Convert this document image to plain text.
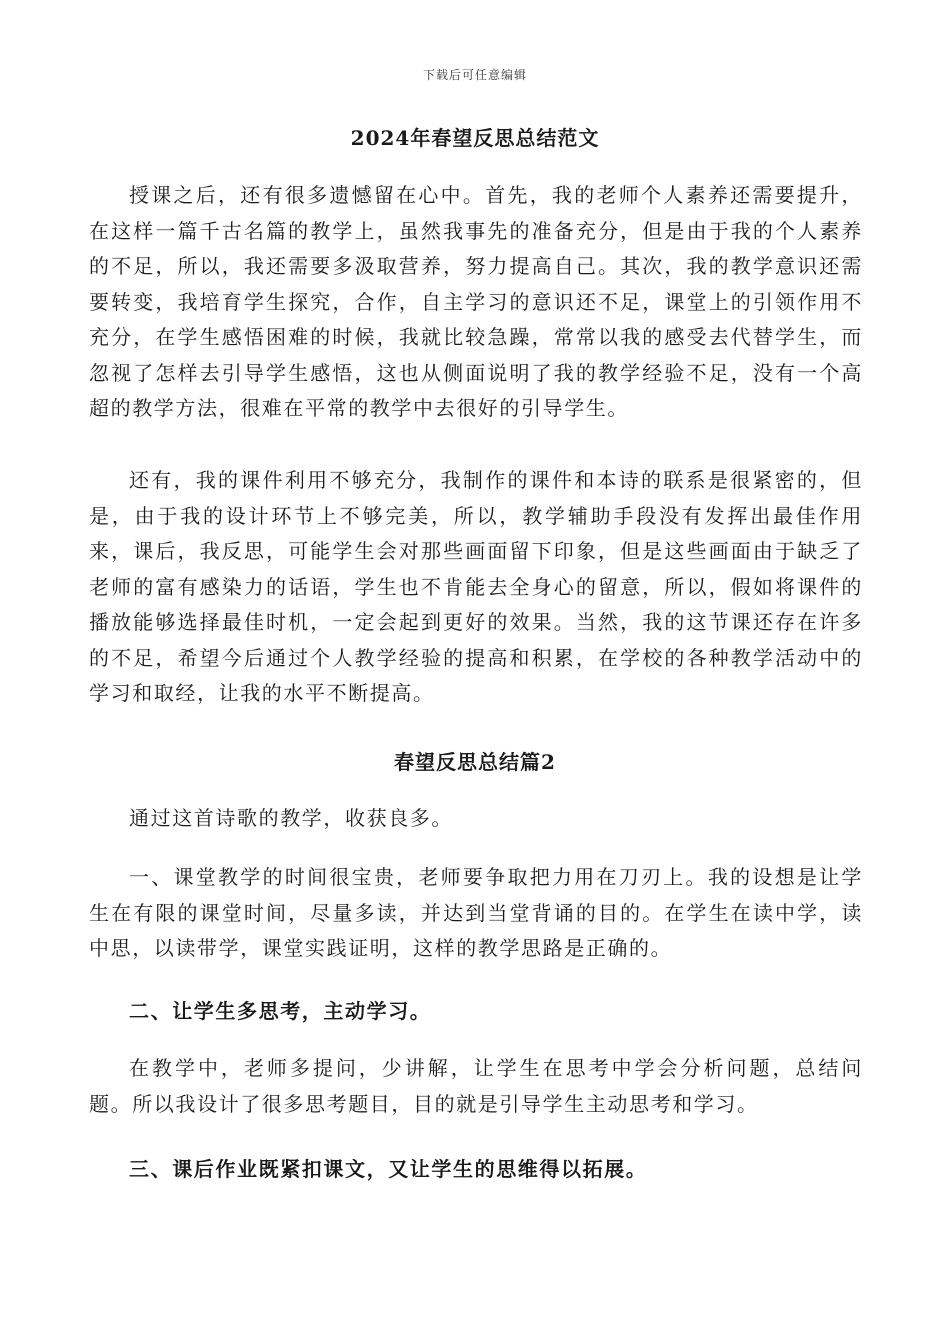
下载后可任意编辑
2024年春望反思总结范文

授课之后，还有很多遗憾留在心中。首先，我的老师个人素养还需要提升，在这样一篇千古名篇的教学上，虽然我事先的准备充分，但是由于我的个人素养的不足，所以，我还需要多汲取营养，努力提高自己。其次，我的教学意识还需要转变，我培育学生探究，合作，自主学习的意识还不足，课堂上的引领作用不充分，在学生感悟困难的时候，我就比较急躁，常常以我的感受去代替学生，而忽视了怎样去引导学生感悟，这也从侧面说明了我的教学经验不足，没有一个高超的教学方法，很难在平常的教学中去很好的引导学生。

还有，我的课件利用不够充分，我制作的课件和本诗的联系是很紧密的，但是，由于我的设计环节上不够完美，所以，教学辅助手段没有发挥出最佳作用来，课后，我反思，可能学生会对那些画面留下印象，但是这些画面由于缺乏了老师的富有感染力的话语，学生也不肯能去全身心的留意，所以，假如将课件的播放能够选择最佳时机，一定会起到更好的效果。当然，我的这节课还存在许多的不足，希望今后通过个人教学经验的提高和积累，在学校的各种教学活动中的学习和取经，让我的水平不断提高。

春望反思总结篇2

通过这首诗歌的教学，收获良多。

一、课堂教学的时间很宝贵，老师要争取把力用在刀刃上。我的设想是让学生在有限的课堂时间，尽量多读，并达到当堂背诵的目的。在学生在读中学，读中思，以读带学，课堂实践证明，这样的教学思路是正确的。

二、让学生多思考，主动学习。

在教学中，老师多提问，少讲解，让学生在思考中学会分析问题，总结问题。所以我设计了很多思考题目，目的就是引导学生主动思考和学习。

三、课后作业既紧扣课文，又让学生的思维得以拓展。
